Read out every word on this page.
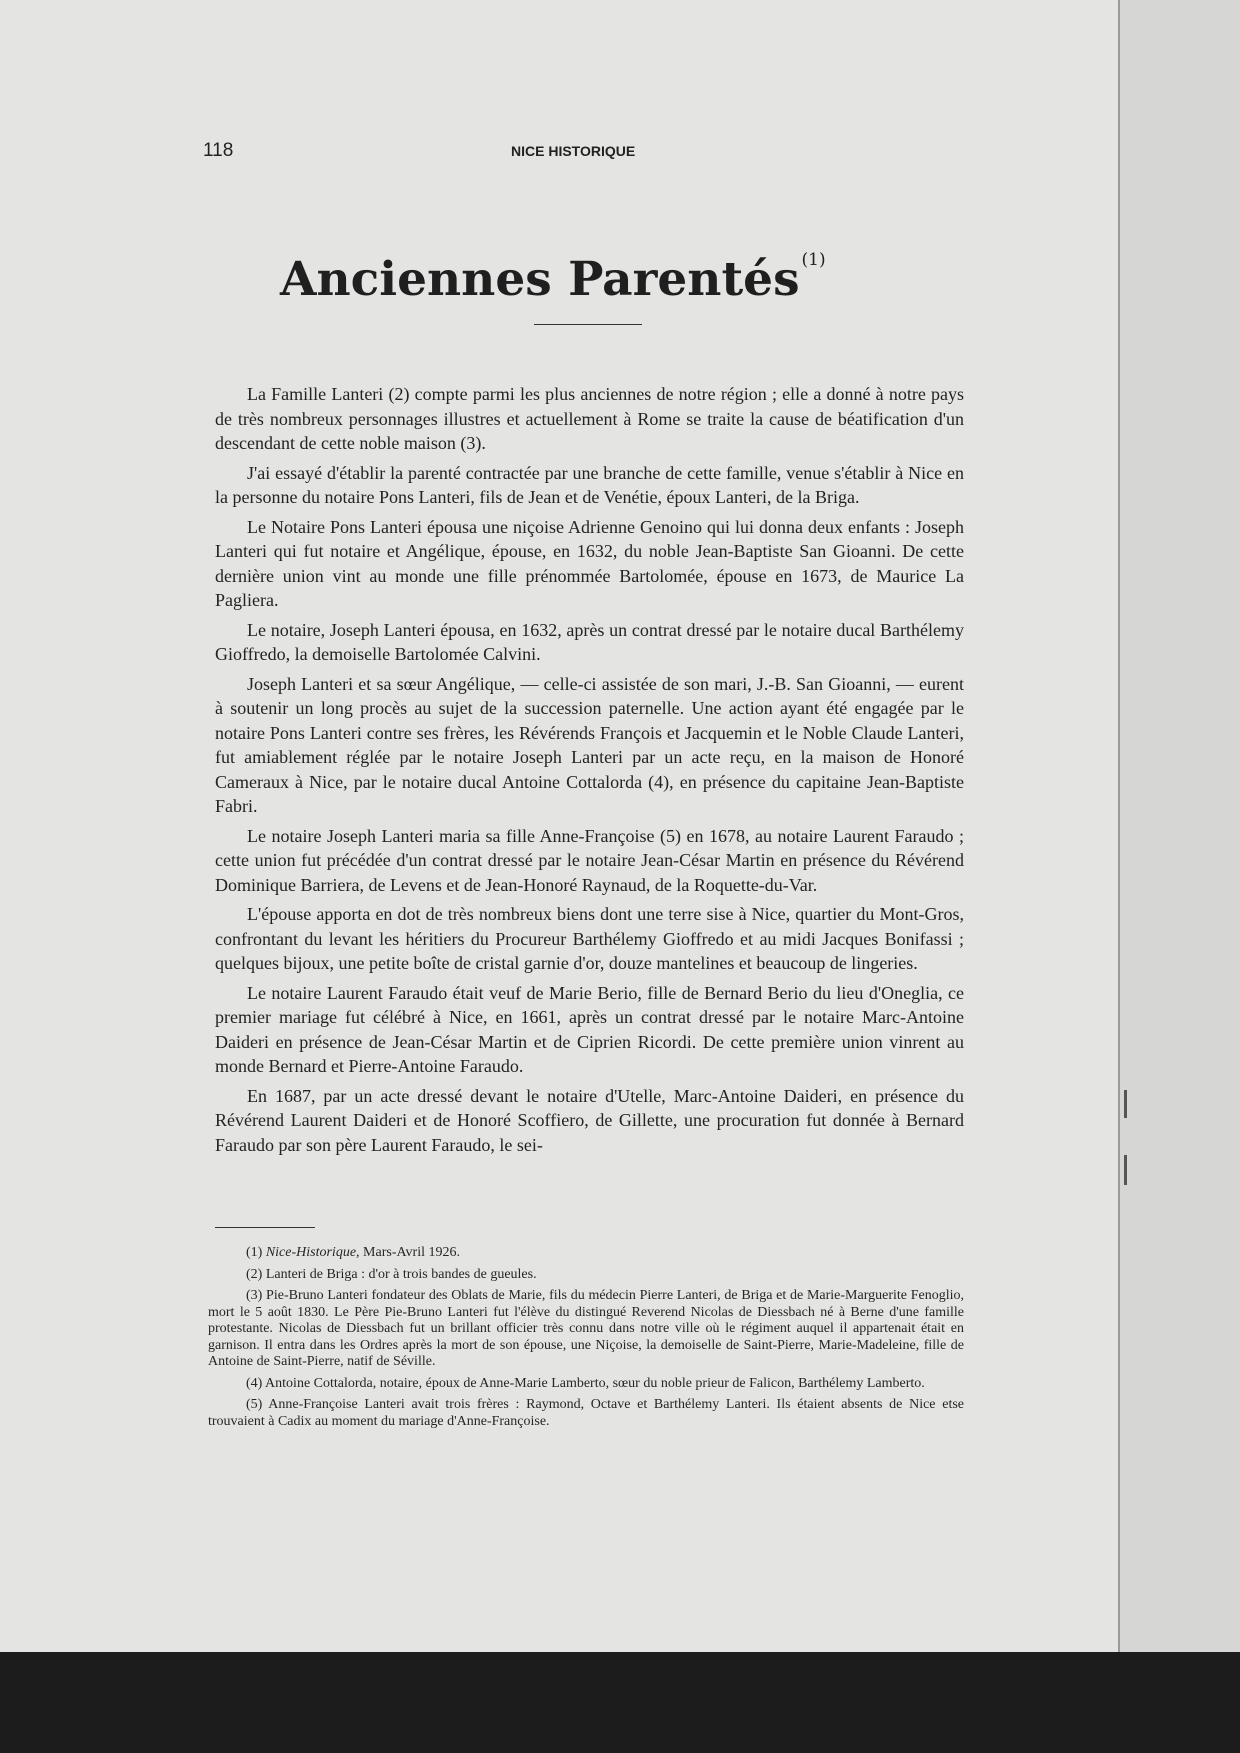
118	NICE HISTORIQUE
Anciennes Parentés $^{(1)}$

La Famille Lanteri (2) compte parmi les plus anciennes de notre région ; elle a donné à notre pays de très nombreux personnages illustres et actuellement à Rome se traite la cause de béatification d'un descendant de cette noble maison (3).

J'ai essayé d'établir la parenté contractée par une branche de cette famille, venue s'établir à Nice en la personne du notaire Pons Lanteri, fils de Jean et de Venétie, époux Lanteri, de la Briga.

Le Notaire Pons Lanteri épousa une niçoise Adrienne Genoino qui lui donna deux enfants : Joseph Lanteri qui fut notaire et Angélique, épouse, en 1632, du noble Jean-Baptiste San Gioanni. De cette dernière union vint au monde une fille prénommée Bartolomée, épouse en 1673, de Maurice La Pagliera.

Le notaire, Joseph Lanteri épousa, en 1632, après un contrat dressé par le notaire ducal Barthélemy Gioffredo, la demoiselle Bartolomée Calvini.

Joseph Lanteri et sa sœur Angélique, — celle-ci assistée de son mari, J.-B. San Gioanni, — eurent à soutenir un long procès au sujet de la succession paternelle. Une action ayant été engagée par le notaire Pons Lanteri contre ses frères, les Révérends François et Jacquemin et le Noble Claude Lanteri, fut amiablement réglée par le notaire Joseph Lanteri par un acte reçu, en la maison de Honoré Cameraux à Nice, par le notaire ducal Antoine Cottalorda (4), en présence du capitaine Jean-Baptiste Fabri.

Le notaire Joseph Lanteri maria sa fille Anne-Françoise (5) en 1678, au notaire Laurent Faraudo ; cette union fut précédée d'un contrat dressé par le notaire Jean-César Martin en présence du Révérend Dominique Barriera, de Levens et de Jean-Honoré Raynaud, de la Roquette-du-Var.

L'épouse apporta en dot de très nombreux biens dont une terre sise à Nice, quartier du Mont-Gros, confrontant du levant les héritiers du Procureur Barthélemy Gioffredo et au midi Jacques Bonifassi ; quelques bijoux, une petite boîte de cristal garnie d'or, douze mantelines et beaucoup de lingeries.

Le notaire Laurent Faraudo était veuf de Marie Berio, fille de Bernard Berio du lieu d'Oneglia, ce premier mariage fut célébré à Nice, en 1661, après un contrat dressé par le notaire Marc-Antoine Daideri en présence de Jean-César Martin et de Ciprien Ricordi. De cette première union vinrent au monde Bernard et Pierre-Antoine Faraudo.

En 1687, par un acte dressé devant le notaire d'Utelle, Marc-Antoine Daideri, en présence du Révérend Laurent Daideri et de Honoré Scoffiero, de Gillette, une procuration fut donnée à Bernard Faraudo par son père Laurent Faraudo, le sei-

(1) Nice-Historique, Mars-Avril 1926.

(2) Lanteri de Briga : d'or à trois bandes de gueules.

(3) Pie-Bruno Lanteri fondateur des Oblats de Marie, fils du médecin Pierre Lanteri, de Briga et de Marie-Marguerite Fenoglio, mort le 5 août 1830. Le Père Pie-Bruno Lanteri fut l'élève du distingué Reverend Nicolas de Diessbach né à Berne d'une famille protestante. Nicolas de Diessbach fut un brillant officier très connu dans notre ville où le régiment auquel il appartenait était en garnison. Il entra dans les Ordres après la mort de son épouse, une Niçoise, la demoiselle de Saint-Pierre, Marie-Madeleine, fille de Antoine de Saint-Pierre, natif de Séville.

(4) Antoine Cottalorda, notaire, époux de Anne-Marie Lamberto, sœur du noble prieur de Falicon, Barthélemy Lamberto.

(5) Anne-Françoise Lanteri avait trois frères : Raymond, Octave et Barthélemy Lanteri. Ils étaient absents de Nice etse trouvaient à Cadix au moment du mariage d'Anne-Françoise.
